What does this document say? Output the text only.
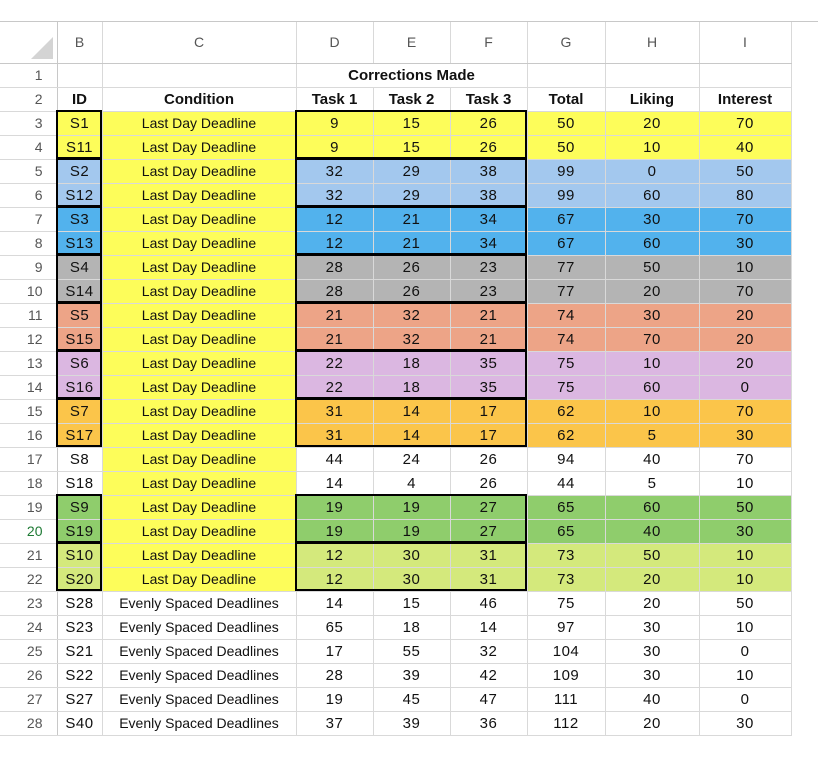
	B	C	D	E	F	G	H	I
1			Corrections Made					
2	ID	Condition	Task 1	Task 2	Task 3	Total	Liking	Interest
3	S1	Last Day Deadline	9	15	26	50	20	70
4	S11	Last Day Deadline	9	15	26	50	10	40
5	S2	Last Day Deadline	32	29	38	99	0	50
6	S12	Last Day Deadline	32	29	38	99	60	80
7	S3	Last Day Deadline	12	21	34	67	30	70
8	S13	Last Day Deadline	12	21	34	67	60	30
9	S4	Last Day Deadline	28	26	23	77	50	10
10	S14	Last Day Deadline	28	26	23	77	20	70
11	S5	Last Day Deadline	21	32	21	74	30	20
12	S15	Last Day Deadline	21	32	21	74	70	20
13	S6	Last Day Deadline	22	18	35	75	10	20
14	S16	Last Day Deadline	22	18	35	75	60	0
15	S7	Last Day Deadline	31	14	17	62	10	70
16	S17	Last Day Deadline	31	14	17	62	5	30
17	S8	Last Day Deadline	44	24	26	94	40	70
18	S18	Last Day Deadline	14	4	26	44	5	10
19	S9	Last Day Deadline	19	19	27	65	60	50
20	S19	Last Day Deadline	19	19	27	65	40	30
21	S10	Last Day Deadline	12	30	31	73	50	10
22	S20	Last Day Deadline	12	30	31	73	20	10
23	S28	Evenly Spaced Deadlines	14	15	46	75	20	50
24	S23	Evenly Spaced Deadlines	65	18	14	97	30	10
25	S21	Evenly Spaced Deadlines	17	55	32	104	30	0
26	S22	Evenly Spaced Deadlines	28	39	42	109	30	10
27	S27	Evenly Spaced Deadlines	19	45	47	111	40	0
28	S40	Evenly Spaced Deadlines	37	39	36	112	20	30
